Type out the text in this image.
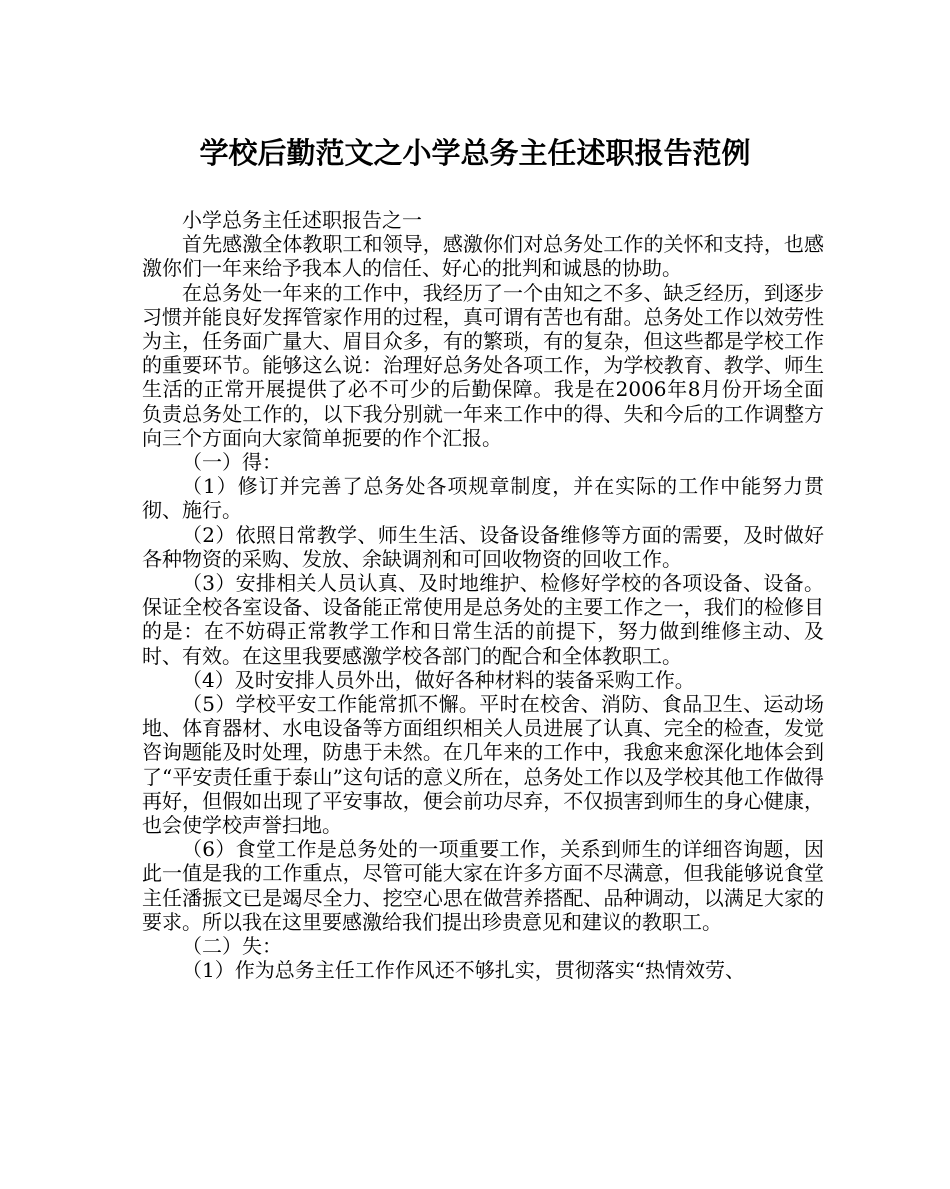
学校后勤范文之小学总务主任述职报告范例

小学总务主任述职报告之一

首先感激全体教职工和领导，感激你们对总务处工作的关怀和支持，也感激你们一年来给予我本人的信任、好心的批判和诚恳的协助。

在总务处一年来的工作中，我经历了一个由知之不多、缺乏经历，到逐步习惯并能良好发挥管家作用的过程，真可谓有苦也有甜。总务处工作以效劳性为主，任务面广量大、眉目众多，有的繁琐，有的复杂，但这些都是学校工作的重要环节。能够这么说：治理好总务处各项工作，为学校教育、教学、师生生活的正常开展提供了必不可少的后勤保障。我是在2006年8月份开场全面负责总务处工作的，以下我分别就一年来工作中的得、失和今后的工作调整方向三个方面向大家简单扼要的作个汇报。

（一）得：

（1）修订并完善了总务处各项规章制度，并在实际的工作中能努力贯彻、施行。

（2）依照日常教学、师生生活、设备设备维修等方面的需要，及时做好各种物资的采购、发放、余缺调剂和可回收物资的回收工作。

（3）安排相关人员认真、及时地维护、检修好学校的各项设备、设备。保证全校各室设备、设备能正常使用是总务处的主要工作之一，我们的检修目的是：在不妨碍正常教学工作和日常生活的前提下，努力做到维修主动、及时、有效。在这里我要感激学校各部门的配合和全体教职工。

（4）及时安排人员外出，做好各种材料的装备采购工作。

（5）学校平安工作能常抓不懈。平时在校舍、消防、食品卫生、运动场地、体育器材、水电设备等方面组织相关人员进展了认真、完全的检查，发觉咨询题能及时处理，防患于未然。在几年来的工作中，我愈来愈深化地体会到了“平安责任重于泰山”这句话的意义所在，总务处工作以及学校其他工作做得再好，但假如出现了平安事故，便会前功尽弃，不仅损害到师生的身心健康，也会使学校声誉扫地。

（6）食堂工作是总务处的一项重要工作，关系到师生的详细咨询题，因此一值是我的工作重点，尽管可能大家在许多方面不尽满意，但我能够说食堂主任潘振文已是竭尽全力、挖空心思在做营养搭配、品种调动，以满足大家的要求。所以我在这里要感激给我们提出珍贵意见和建议的教职工。

（二）失：

（1）作为总务主任工作作风还不够扎实，贯彻落实“热情效劳、
